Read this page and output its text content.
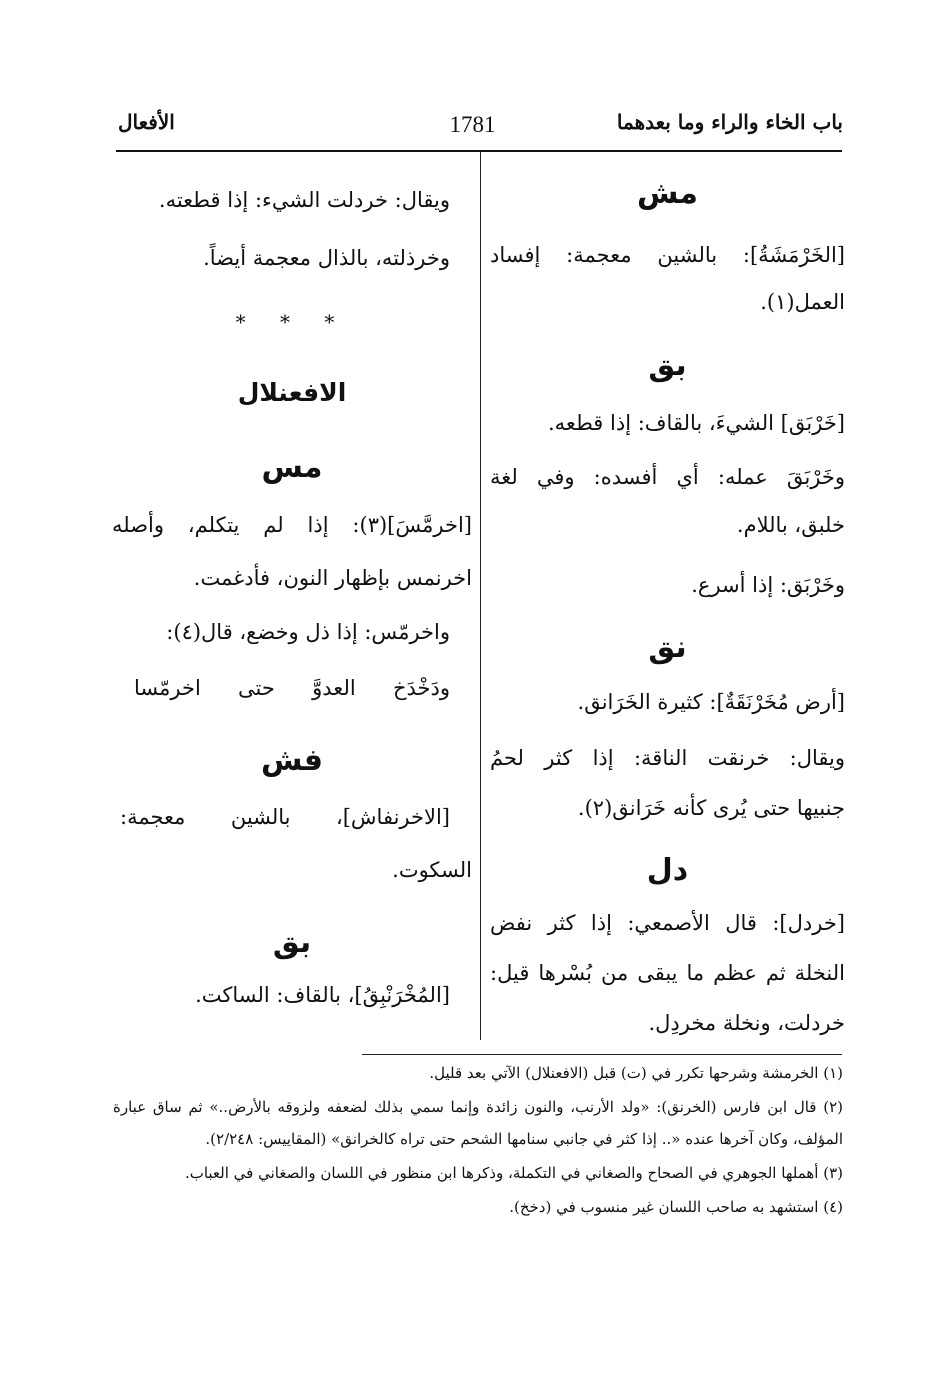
باب الخاء والراء وما بعدهما
1781
الأفعال
مش
[الخَرْمَشَةُ]: بالشين معجمة: إفساد
العمل(١).
بق
[خَرْبَق] الشيءَ، بالقاف: إذا قطعه.
وخَرْبَقَ عمله: أي أفسده: وفي لغة
خلبق، باللام.
وخَرْبَق: إذا أسرع.
نق
[أرض مُخَرْنَقَةٌ]: كثيرة الخَرَانق.
ويقال: خرنقت الناقة: إذا كثر لحمُ
جنبيها حتى يُرى كأنه خَرَانق(٢).
دل
[خردل]: قال الأصمعي: إذا كثر نفض
النخلة ثم عظم ما يبقى من بُسْرها قيل:
خردلت، ونخلة مخردِل.
ويقال: خردلت الشيء: إذا قطعته.
وخرذلته، بالذال معجمة أيضاً.
* * *
الافعنلال
مس
[اخرمَّسَ](٣): إذا لم يتكلم، وأصله
اخرنمس بإظهار النون، فأدغمت.
واخرمّس: إذا ذل وخضع، قال(٤):
ودَخْدَخ العدوَّ حتى اخرمّسا
فش
[الاخرنفاش]، بالشين معجمة:
السكوت.
بق
[المُخْرَنْبِقُ]، بالقاف: الساكت.
(١) الخرمشة وشرحها تكرر في (ت) قبل (الافعنلال) الآتي بعد قليل.
(٢) قال ابن فارس (الخرنق): «ولد الأرنب، والنون زائدة وإنما سمي بذلك لضعفه ولزوقه بالأرض..» ثم ساق عبارة
المؤلف، وكان آخرها عنده «.. إذا كثر في جانبي سنامها الشحم حتى تراه كالخرانق» (المقاييس: ٢/٢٤٨).
(٣) أهملها الجوهري في الصحاح والصغاني في التكملة، وذكرها ابن منظور في اللسان والصغاني في العباب.
(٤) استشهد به صاحب اللسان غير منسوب في (دخخ).
